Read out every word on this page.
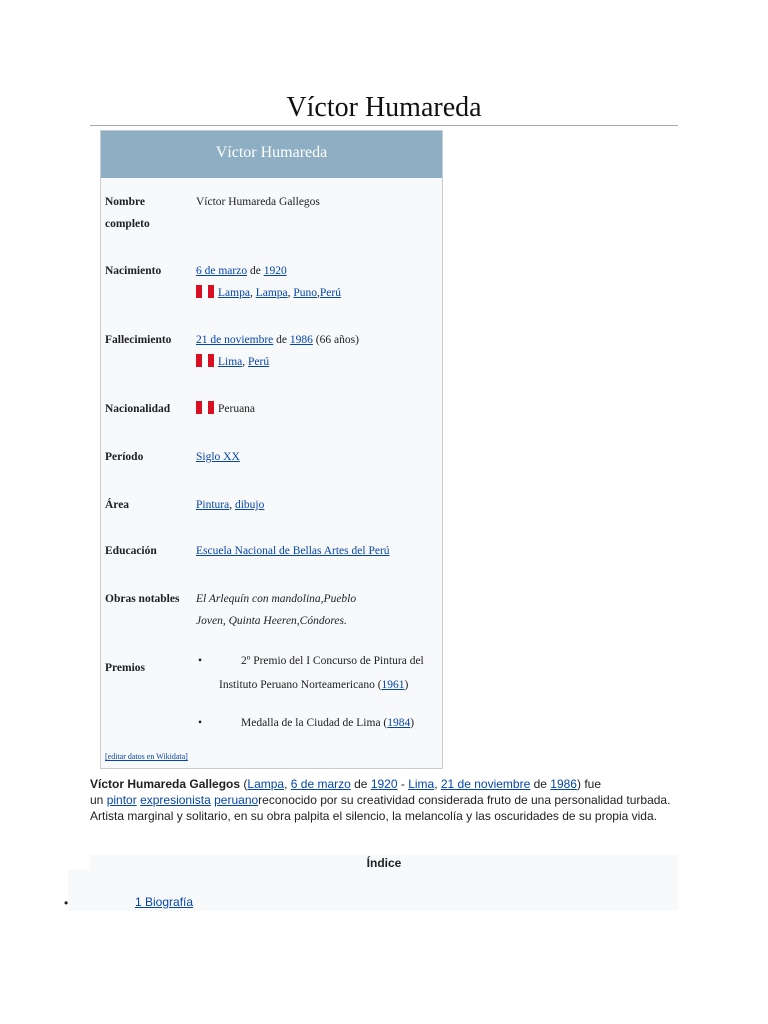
Víctor Humareda
Víctor Humareda
Nombre completo
Víctor Humareda Gallegos
Nacimiento	6 de marzo de 1920
Lampa, Lampa, Puno,Perú
Fallecimiento	21 de noviembre de 1986 (66 años)
Lima, Perú
Nacionalidad	Peruana
Período	Siglo XX
Área	Pintura, dibujo
Educación	Escuela Nacional de Bellas Artes del Perú
Obras notables	El Arlequín con mandolina,Pueblo
Joven, Quinta Heeren,Cóndores.
Premios
•	2º Premio del I Concurso de Pintura del
Instituto Peruano Norteamericano (1961)
•	Medalla de la Ciudad de Lima (1984)
[editar datos en Wikidata]
Víctor Humareda Gallegos (Lampa, 6 de marzo de 1920 - Lima, 21 de noviembre de 1986) fue
un pintor expresionista peruanoreconocido por su creatividad considerada fruto de una personalidad turbada. Artista marginal y solitario, en su obra palpita el silencio, la melancolía y las oscuridades de su propia vida.
Índice
•	1 Biografía
